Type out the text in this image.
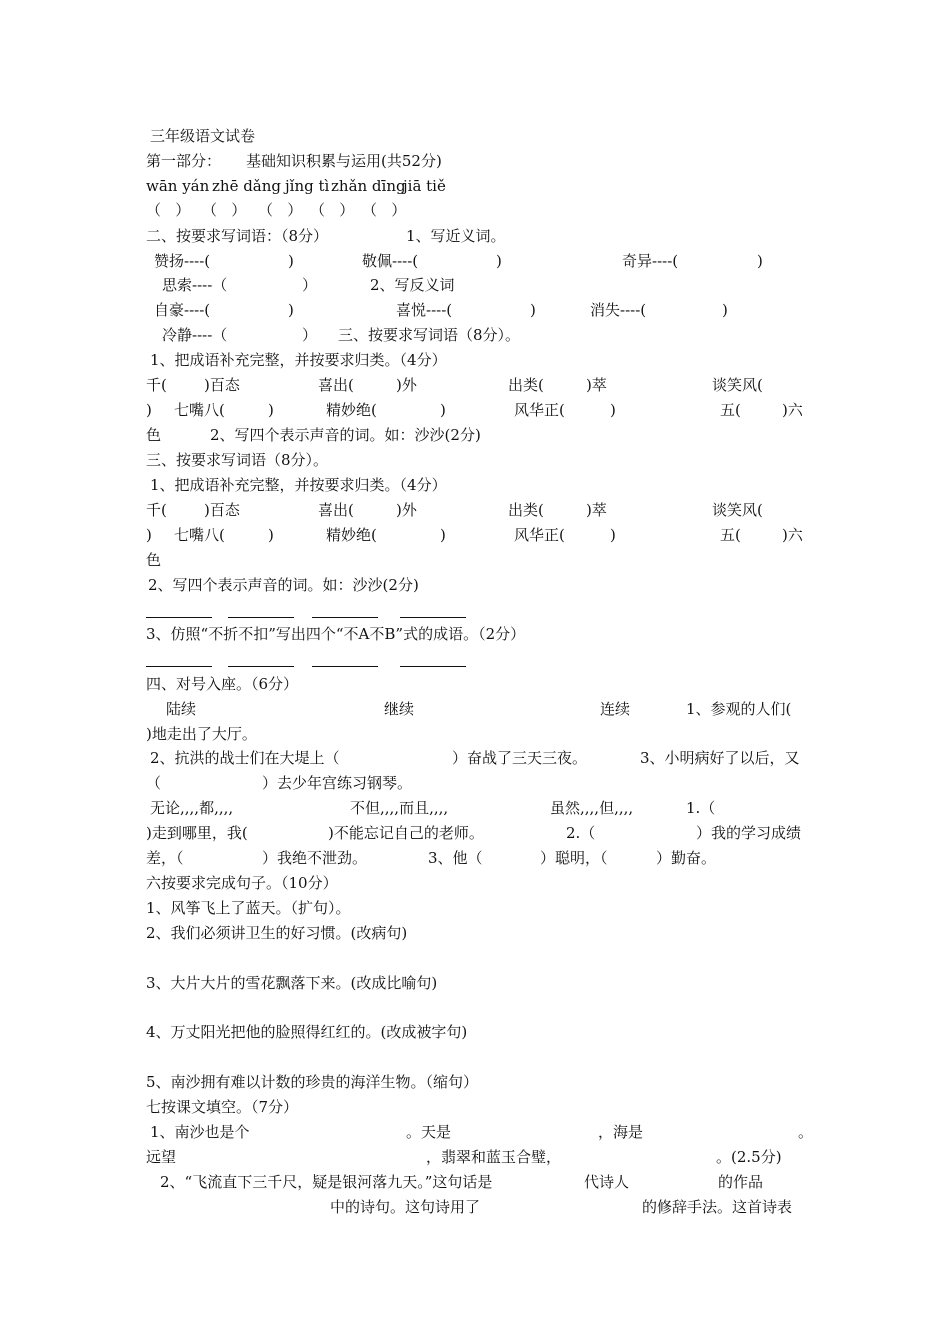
三年级语文试卷

第一部分：

基础知识积累与运用(共52分)

wān yán

zhē dǎng

jǐng tì

zhǎn dīng

jiā tiě

（   ）

（   ）

（   ）

（   ）

（   ）

二、按要求写词语：（8分）

	1、写近义词。

赞扬----(

	)

	敬佩----(

	)

	奇异----(

	)

思索----（

	）

	2、写反义词

自豪----(

	)

	喜悦----(

	)

	消失----(

	)

冷静----（

	）

三、按要求写词语（8分）。

1、把成语补充完整，并按要求归类。（4分）

千(

)百态

	喜出(

	)外

	出类(

	)萃

	谈笑风(

)

七嘴八(

	)

	精妙绝(

	)

	风华正(

	)

	五(

	)六

色

	2、写四个表示声音的词。如：沙沙(2分)

三、按要求写词语（8分）。

1、把成语补充完整，并按要求归类。（4分）

千(

)百态

	喜出(

	)外

	出类(

	)萃

	谈笑风(

)

七嘴八(

	)

	精妙绝(

	)

	风华正(

	)

	五(

	)六

色

2、写四个表示声音的词。如：沙沙(2分)

3、仿照“不折不扣”写出四个“不A不B”式的成语。（2分）

四、对号入座。（6分）

陆续

	继续

	连续

	1、参观的人们(

)地走出了大厅。

2、抗洪的战士们在大堤上（

	）奋战了三天三夜。

	3、小明病好了以后，又

（

	）去少年宫练习钢琴。

无论,,,,都,,,,

	不但,,,,而且,,,,

	虽然,,,,但,,,,

	1.（

)走到哪里，我(

	)不能忘记自己的老师。

	2.（

	）我的学习成绩

差，（

	）我绝不泄劲。

	3、他（

	）聪明，（

	）勤奋。

六按要求完成句子。（10分）

1、风筝飞上了蓝天。（扩句）。

2、我们必须讲卫生的好习惯。(改病句)

3、大片大片的雪花飘落下来。(改成比喻句)

4、万丈阳光把他的脸照得红红的。(改成被字句)

5、南沙拥有难以计数的珍贵的海洋生物。（缩句）

七按课文填空。（7分）

1、南沙也是个

	。天是

	，海是

	。

远望

	，翡翠和蓝玉合璧，

	。(2.5分)

2、“飞流直下三千尺，疑是银河落九天。”这句话是

	代诗人

	的作品

中的诗句。这句诗用了

	的修辞手法。这首诗表
